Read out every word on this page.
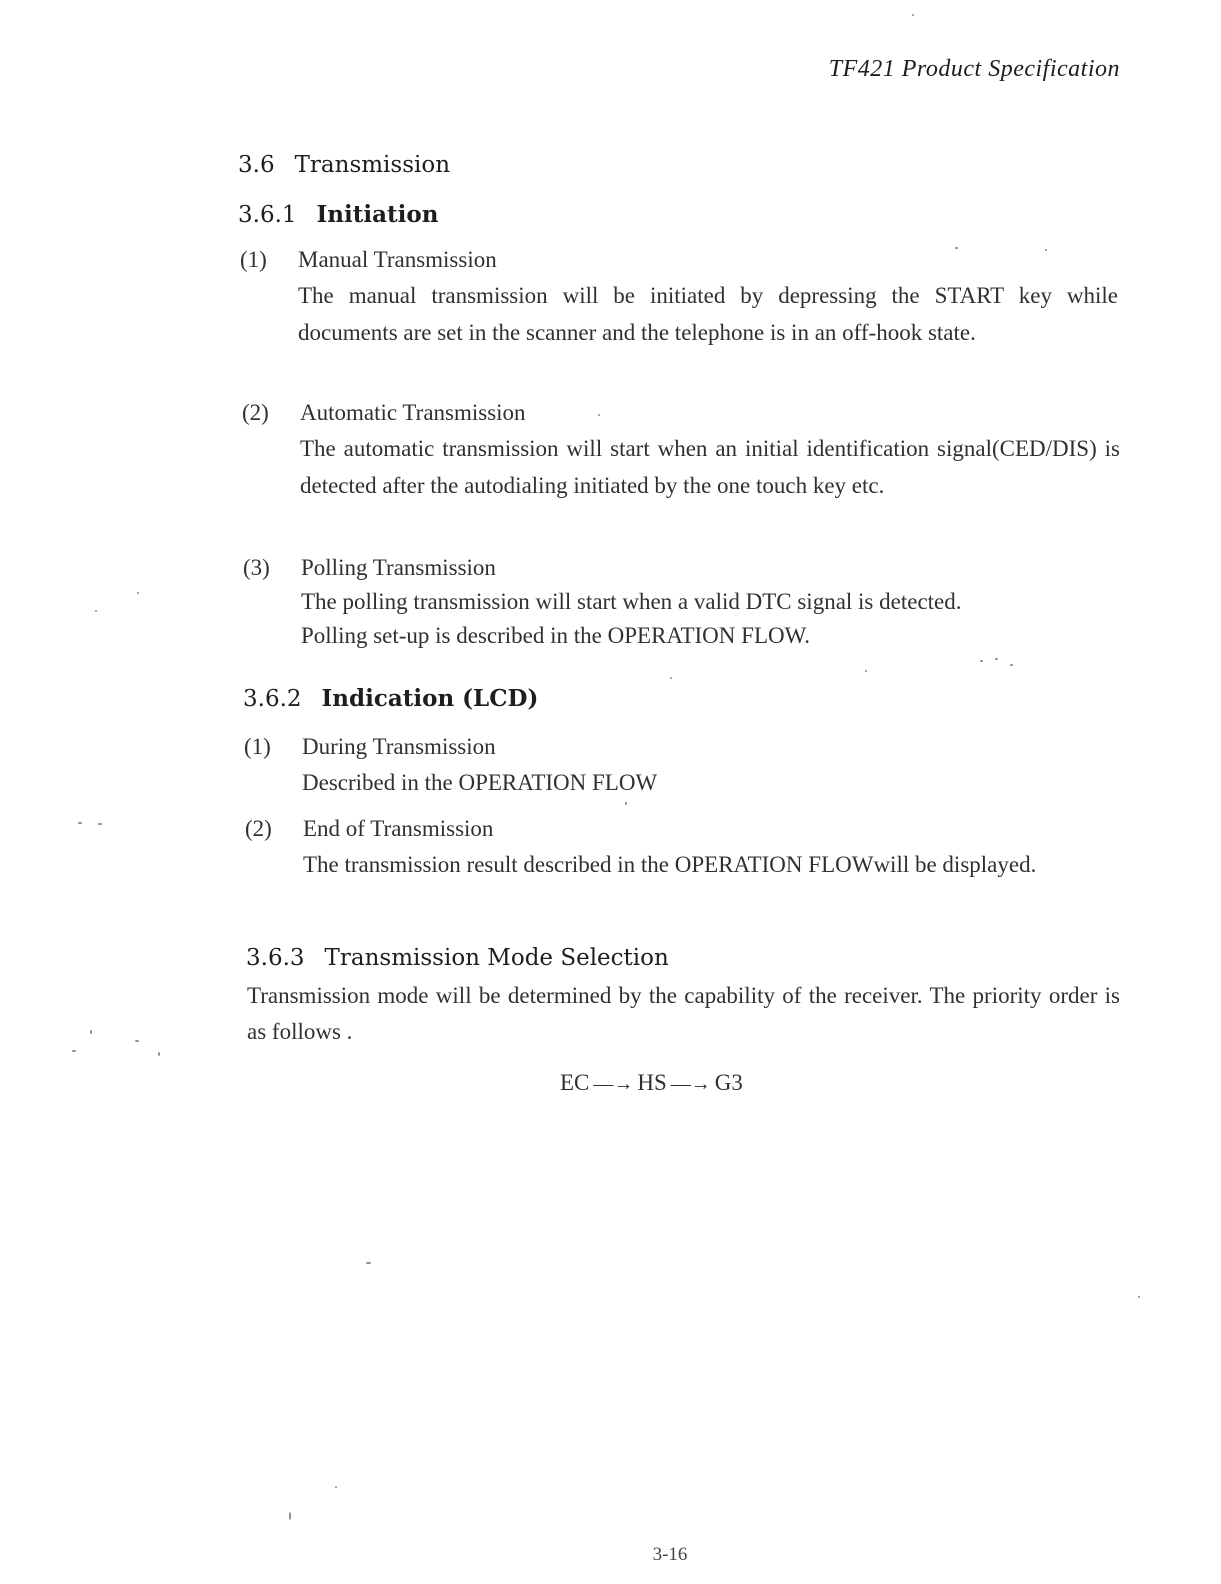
TF421 Product Specification
3.6 Transmission
3.6.1 Initiation
(1) Manual Transmission
The manual transmission will be initiated by depressing the START key while documents are set in the scanner and the telephone is in an off-hook state.
(2) Automatic Transmission
The automatic transmission will start when an initial identification signal(CED/DIS) is detected after the autodialing initiated by the one touch key etc.
(3) Polling Transmission
The polling transmission will start when a valid DTC signal is detected.
Polling set-up is described in the OPERATION FLOW.
3.6.2 Indication (LCD)
(1) During Transmission
Described in the OPERATION FLOW
(2) End of Transmission
The transmission result described in the OPERATION FLOWwill be displayed.
3.6.3 Transmission Mode Selection
Transmission mode will be determined by the capability of the receiver. The priority order is as follows .
EC —→ HS —→ G3
3-16
